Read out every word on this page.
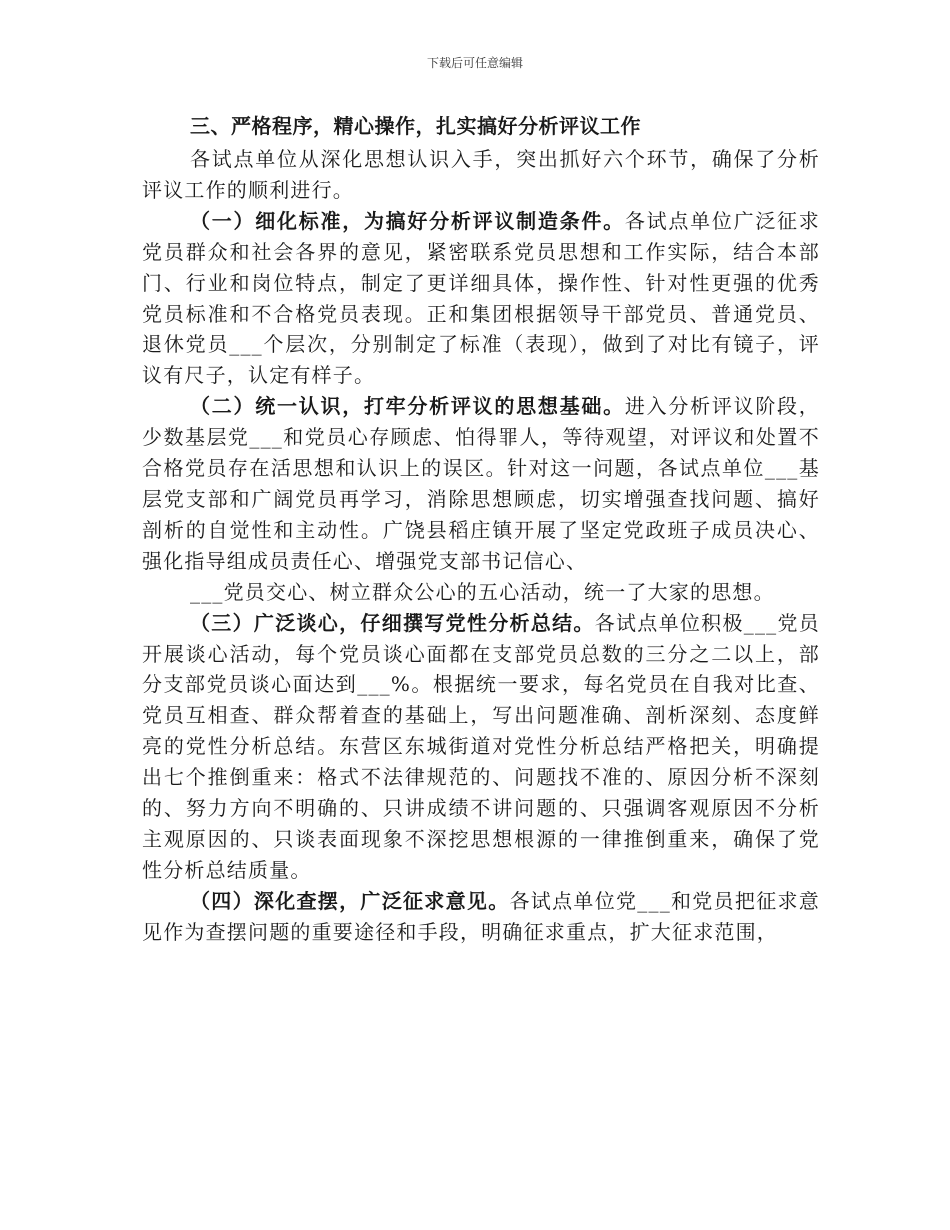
下载后可任意编辑

三、严格程序，精心操作，扎实搞好分析评议工作

各试点单位从深化思想认识入手，突出抓好六个环节，确保了分析评议工作的顺利进行。

（一）细化标准，为搞好分析评议制造条件。各试点单位广泛征求党员群众和社会各界的意见，紧密联系党员思想和工作实际，结合本部门、行业和岗位特点，制定了更详细具体，操作性、针对性更强的优秀党员标准和不合格党员表现。正和集团根据领导干部党员、普通党员、退休党员___个层次，分别制定了标准（表现），做到了对比有镜子，评议有尺子，认定有样子。

（二）统一认识，打牢分析评议的思想基础。进入分析评议阶段，少数基层党___和党员心存顾虑、怕得罪人，等待观望，对评议和处置不合格党员存在活思想和认识上的误区。针对这一问题，各试点单位___基层党支部和广阔党员再学习，消除思想顾虑，切实增强查找问题、搞好剖析的自觉性和主动性。广饶县稻庄镇开展了坚定党政班子成员决心、强化指导组成员责任心、增强党支部书记信心、

___党员交心、树立群众公心的五心活动，统一了大家的思想。

（三）广泛谈心，仔细撰写党性分析总结。各试点单位积极___党员开展谈心活动，每个党员谈心面都在支部党员总数的三分之二以上，部分支部党员谈心面达到___%。根据统一要求，每名党员在自我对比查、党员互相查、群众帮着查的基础上，写出问题准确、剖析深刻、态度鲜亮的党性分析总结。东营区东城街道对党性分析总结严格把关，明确提出七个推倒重来：格式不法律规范的、问题找不准的、原因分析不深刻的、努力方向不明确的、只讲成绩不讲问题的、只强调客观原因不分析主观原因的、只谈表面现象不深挖思想根源的一律推倒重来，确保了党性分析总结质量。

（四）深化查摆，广泛征求意见。各试点单位党___和党员把征求意见作为查摆问题的重要途径和手段，明确征求重点，扩大征求范围，
